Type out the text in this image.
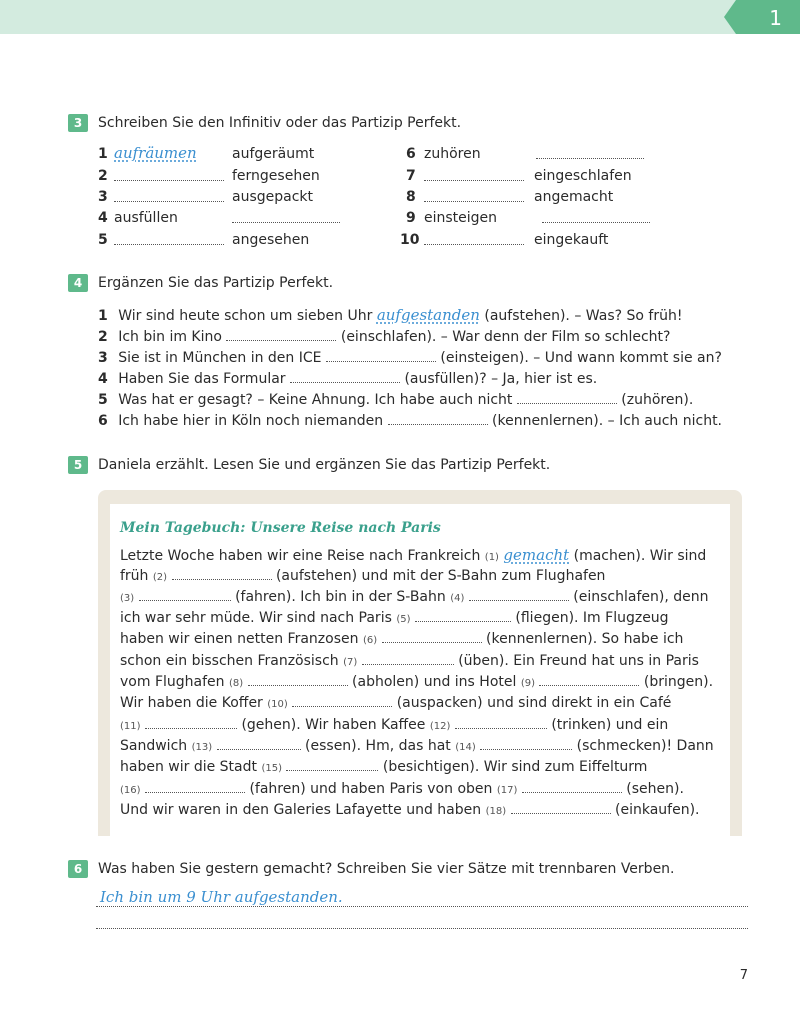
1
3	Schreiben Sie den Infinitiv oder das Partizip Perfekt.
1 aufräumen	aufgeräumt
2	ferngesehen
3	ausgepackt
4 ausfüllen
5	angesehen
6 zuhören
7	eingeschlafen
8	angemacht
9 einsteigen
10	eingekauft
4	Ergänzen Sie das Partizip Perfekt.
1 Wir sind heute schon um sieben Uhr aufgestanden (aufstehen). – Was? So früh!
2 Ich bin im Kino	(einschlafen). – War denn der Film so schlecht?
3 Sie ist in München in den ICE	(einsteigen). – Und wann kommt sie an?
4 Haben Sie das Formular	(ausfüllen)? – Ja, hier ist es.
5 Was hat er gesagt? – Keine Ahnung. Ich habe auch nicht	(zuhören).
6 Ich habe hier in Köln noch niemanden	(kennenlernen). – Ich auch nicht.
5	Daniela erzählt. Lesen Sie und ergänzen Sie das Partizip Perfekt.
Mein Tagebuch: Unsere Reise nach Paris
Letzte Woche haben wir eine Reise nach Frankreich (1) gemacht (machen). Wir sind
früh (2)	(aufstehen) und mit der S-Bahn zum Flughafen
(3)	(fahren). Ich bin in der S-Bahn (4)	(einschlafen), denn
ich war sehr müde. Wir sind nach Paris (5)	(fliegen). Im Flugzeug
haben wir einen netten Franzosen (6)	(kennenlernen). So habe ich
schon ein bisschen Französisch (7)	(üben). Ein Freund hat uns in Paris
vom Flughafen (8)	(abholen) und ins Hotel (9)	(bringen).
Wir haben die Koffer (10)	(auspacken) und sind direkt in ein Café
(11)	(gehen). Wir haben Kaffee (12)	(trinken) und ein
Sandwich (13)	(essen). Hm, das hat (14)	(schmecken)! Dann
haben wir die Stadt (15)	(besichtigen). Wir sind zum Eiffelturm
(16)	(fahren) und haben Paris von oben (17)	(sehen).
Und wir waren in den Galeries Lafayette und haben (18)	(einkaufen).
6	Was haben Sie gestern gemacht? Schreiben Sie vier Sätze mit trennbaren Verben.
Ich bin um 9 Uhr aufgestanden.
7
